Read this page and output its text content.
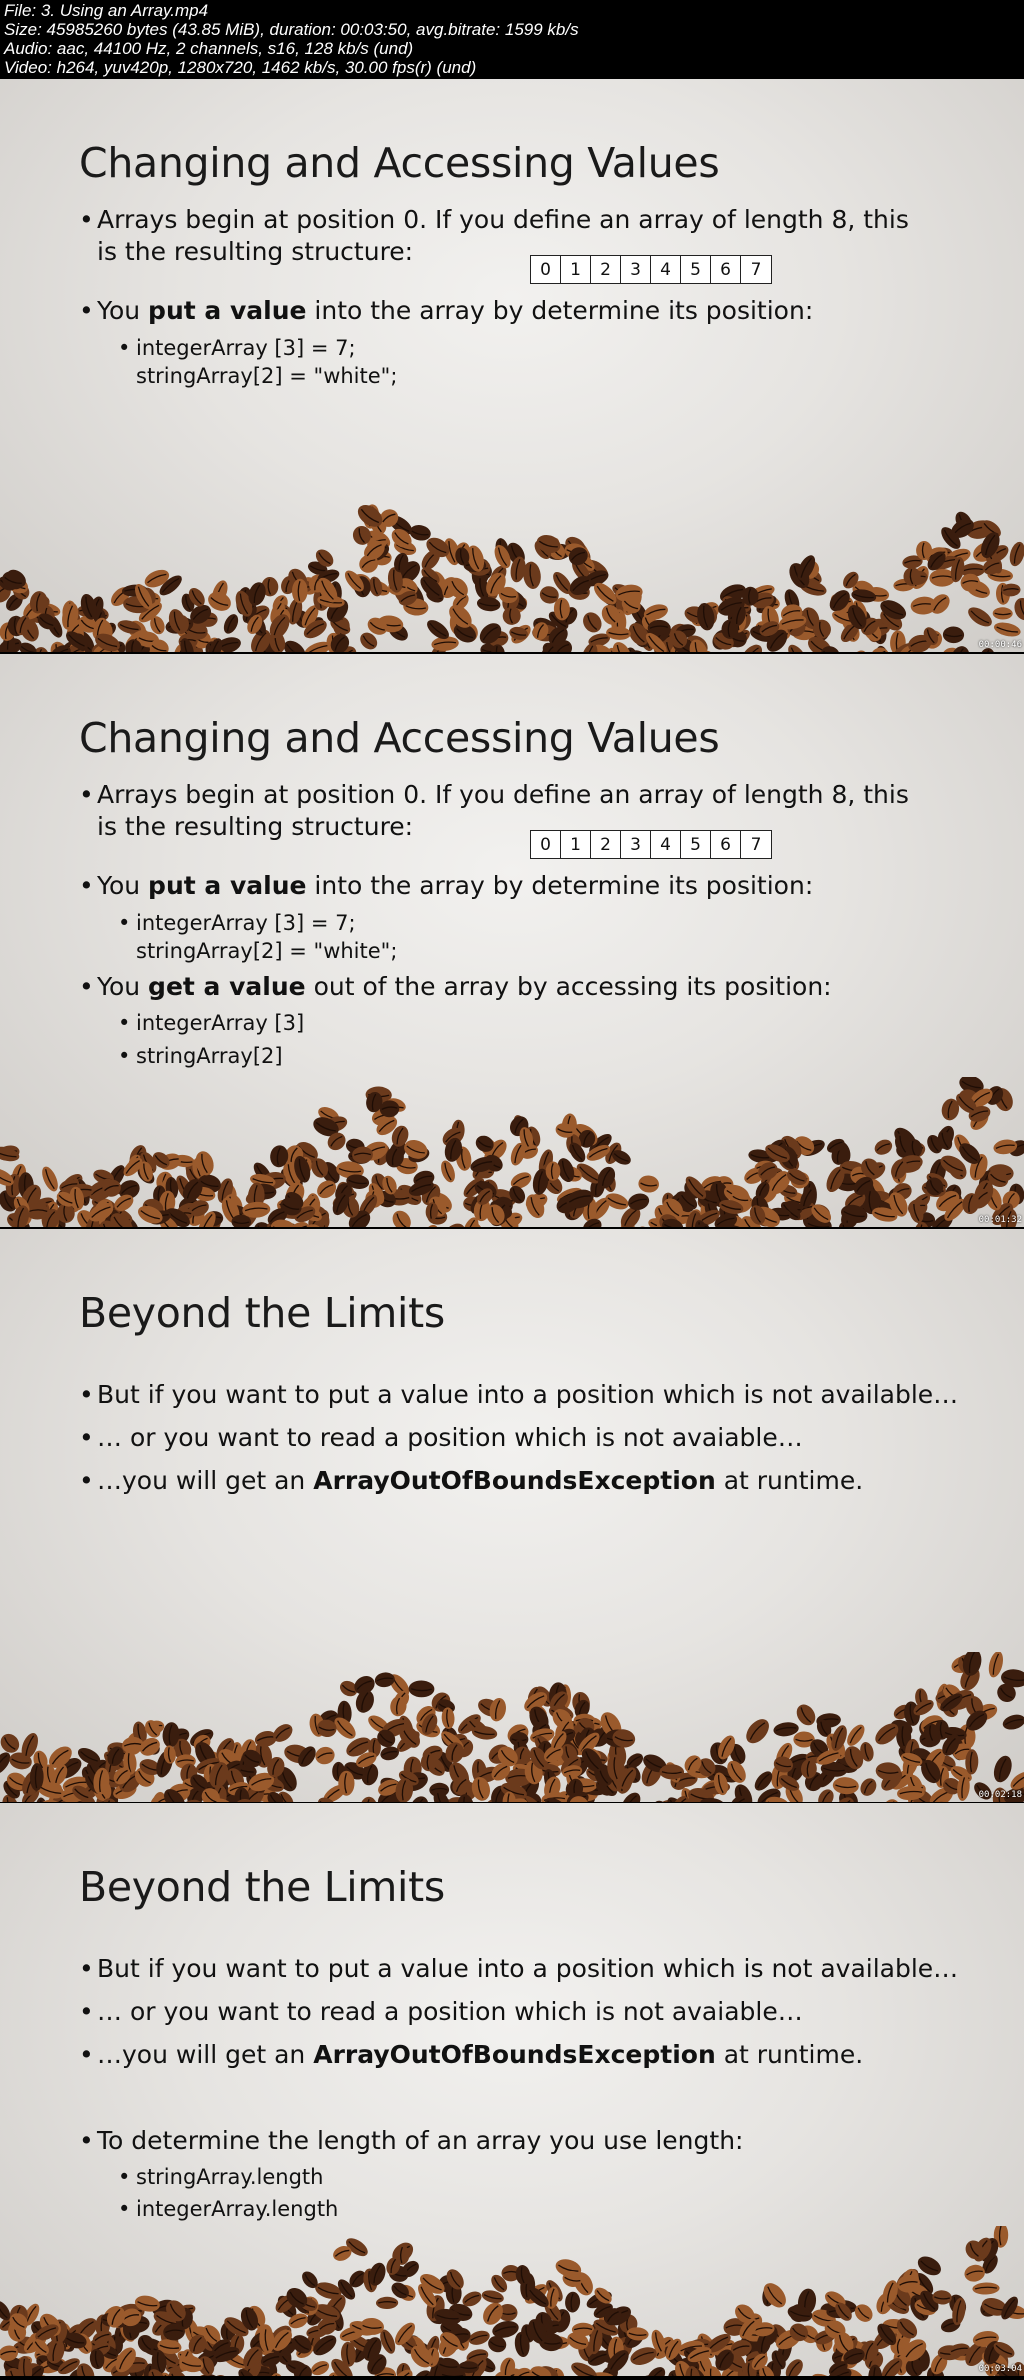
File: 3. Using an Array.mp4
Size: 45985260 bytes (43.85 MiB), duration: 00:03:50, avg.bitrate: 1599 kb/s
Audio: aac, 44100 Hz, 2 channels, s16, 128 kb/s (und)
Video: h264, yuv420p, 1280x720, 1462 kb/s, 30.00 fps(r) (und)
Changing and Accessing Values
• Arrays begin at position 0. If you define an array of length 8, this
is the resulting structure:
0	1	2	3	4	5	6	7
• You put a value into the array by determine its position:
• integerArray [3] = 7;
stringArray[2] = "white";
00:00:46
Changing and Accessing Values
• Arrays begin at position 0. If you define an array of length 8, this
is the resulting structure:
0	1	2	3	4	5	6	7
• You put a value into the array by determine its position:
• integerArray [3] = 7;
stringArray[2] = "white";
• You get a value out of the array by accessing its position:
• integerArray [3]
• stringArray[2]
00:01:32
Beyond the Limits
• But if you want to put a value into a position which is not available…
• … or you want to read a position which is not avaiable…
• …you will get an ArrayOutOfBoundsException at runtime.
00:02:18
Beyond the Limits
• But if you want to put a value into a position which is not available…
• … or you want to read a position which is not avaiable…
• …you will get an ArrayOutOfBoundsException at runtime.
• To determine the length of an array you use length:
• stringArray.length
• integerArray.length
00:03:04
